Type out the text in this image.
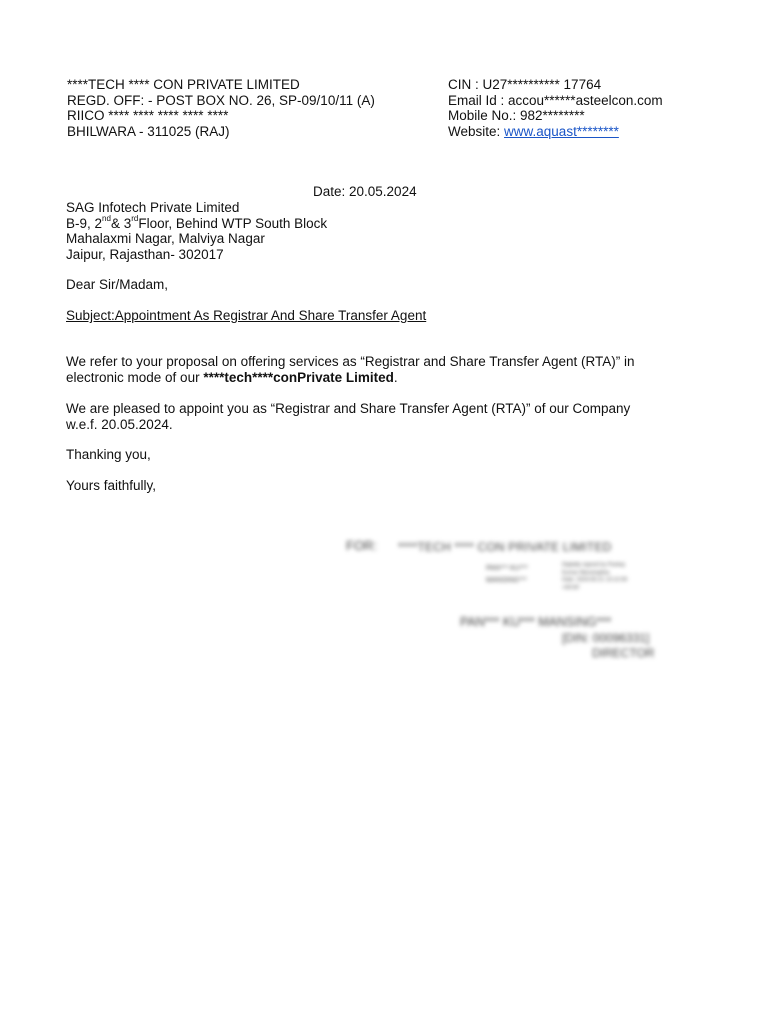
****TECH **** CON PRIVATE LIMITED
REGD. OFF: - POST BOX NO. 26, SP-09/10/11 (A)
RIICO **** **** **** **** ****
BHILWARA - 311025 (RAJ)
CIN : U27********** 17764
Email Id : accou******asteelcon.com
Mobile No.: 982********
Website: www.aquast********
Date: 20.05.2024
SAG Infotech Private Limited
B-9, 2nd& 3rdFloor, Behind WTP South Block
Mahalaxmi Nagar, Malviya Nagar
Jaipur, Rajasthan- 302017
Dear Sir/Madam,
Subject:Appointment As Registrar And Share Transfer Agent
We refer to your proposal on offering services as “Registrar and Share Transfer Agent (RTA)” in
electronic mode of our ****tech****conPrivate Limited.
We are pleased to appoint you as “Registrar and Share Transfer Agent (RTA)” of our Company
w.e.f. 20.05.2024.
Thanking you,
Yours faithfully,
FOR: ****TECH **** CON PRIVATE LIMITED
PAN*** KU***
MANSING***
Digitally signed by Pankaj
Kumar Mansinghka
Date: 2024.05.21 13:12:09
+05'30'
PAN*** KU*** MANSING***
[DIN: 00096331]
DIRECTOR
